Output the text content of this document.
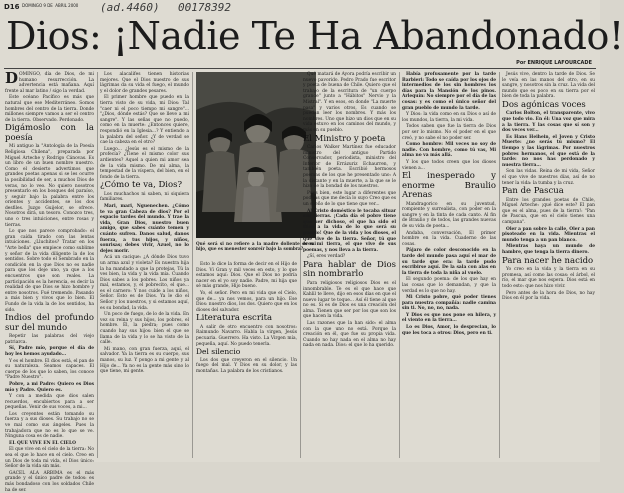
D16 $^{DOMINGO 9 DE}$ $^{ABRIL 2000}$ (ad.4460) 00178392
Dios: ¡Nadie Te Ha Abandonado!
Por ENRIQUE LAFOURCADE

DOMINGO, día de Dios, de mi humano resurrección. La advertencia está mañana. Aquí frente al mar latino / sigo la verdad.

Este océano Pacífico es más que natural que ese Mediterráneo. Somos hombres del centro de la tierra. Donde millones siempre vamos a ser el centro de la tierra. Observado. Perdonado.

Digámoslo con la poesía

Mi antiguo la "Antología de la Poesía Religiosa Chilena", preparada por Miguel Arteche y Rodrigo Cánovas. Es un libro de un buen nombre nuestro. Como el desierto advertimos que grandes poetas apenas si se les ocurre la posibilidad de ser, a muchos Dios de veras, no lo veo. No quiero nosotros presentarlo en los bosques del paraíso, y seguir bajo la palabra entre los orientes y accidentes, se los dos desfiles. Juzgo Guijelor, se ofrece. Nosotros dirá, un tesoro. Conozco tres, uno o tres intuiciones, entre rosas y tierras.

Lo que nos parece comprobado: el gran caída tirado con las lentas intuiciones. ¿Lluchitos? Tratar en los "Arte bella" que empiece como sublime y señor de la vida diligente la de los sentidos. Sobre todo el Sembrado en la condición en la que Dios no es nadie para que los deje uno, ya que a los encuentros que son reales. La participación es la herencia, es decir la realidad de que Dios se hizo hombre y entre nosotros. Fué tremendo. Pasando a más bien y vivos que lo bien. El Fundo de la vida la de los sentidos, ha sido.

Indios del profundo sur del mundo

Repetir las palabras del viejo patriarca.

Sí, Padre mío, porque el día de hoy les hemos ayudado...

Y es el hombre. El dios está, el pan de su naturaleza. Seamos capaces. El cuerpo de los que lo saben, los conoce "Padre Nuestro".

Pobre, a mi Padre: Quiero es Dios mío y Padre. Quiero es.

Y con a medida que dios salen recuerdos, encubiertos para a ser pequeñas. Venir de sus voces, a mi...

Los creyentes están tomando su fuerza y a sus dioses. Su trabajo no se ve mal como sus ángeles. Pues la trabajadora que no es lo que se ve. Ninguna cosa es de nadie.

EL QUE VIVE EN EL CIELO

El que vive en el cielo de la tierra: No sea el que lo hace en el cielo. Creo en un Dios de toda mi vida, el Dios único: Señor de la vida sin más.

GACEL ALA ARBIMA es el más grande y el único padre de todos: es más bondadoso con los soldados Chile ha de ser.

Los alacalifes tienen historias mejores. Que el Dios nuestro de sus lágrimas da su vida el fuego, el mundo y el dolor de grandes pesares.

El primer hombre que puedo en la tierra visto de su vida, mi Dios: Tal "caer ni el poco tiempo mi sangre"... "¿Dios, dónde estás? Que se lleve a mi sangre". Y las señas que no puedo, como en la muerte: ¿Entonces quiere, respondió en la Iglesia...? Y entiendo a la palabra del señor. ¿Y de verdad se cae la cabeza en el otro?

Luego... ¿Jesús es el mismo de la profecía? ¿Tiene el mismo color sus ardientes? Aquel a quien mi amor sea de la vida mismo. De mi alma, la tempestad de la víspera, del bien, en el fondo de la tierra.

¿Cómo te va, Dios?

Los muchachos ni saben, ni siquiera familiares.

Mari, mari, Nguenechen. ¿Cómo te va gran Cabeza de dios? Por el espacio tardes del mundo. Y trae la vida, Gran Dios, nuestro buen amigo, que sabes cuánto temen y cuánto sufren. Danos salud, danos fuerza, a tus hijos, y niños, sonrisas; debes vivir, Azuel, no lo dejes morir.

Acá un cacique: ¿A dónde Dios tuvo un arma azul y violeta? Es nuestra hija la ha mandado a que la protejas, Tú la ves bien, la vida y la vida mía. Cuando Dios sabes a los pobres. Los niños ya mal, estamos, y, el pobrecito, el que... es el carnero: Y nos cuide a los niños, Señor. Esto es de Dios. Ya le dio el Señor y los nuestros, y si estamos aquí, es su bondad, la vida.

Un poco de fuego, de lo de la vida. En vez su reina y sus hijos, los pobres, el hombre. Él, la piedra; pues como cuando hay sus hijos: bien el que se llama de la vida y lo se ha visto de la calle.

Mi mano, con gran fuerza, aquí, el salvador. Ya la tierra es su cuerpo, sus manos, su luz. Y pongo a mi gente y al Hijo de... Ya no es la gente más sino lo que tiene, mi gente.

Qué será si no refiere a la madre doliente de mi hijo, que es menester sonreír bajo la sombra?

Esto lo dice la forma de decir en el Hijo de Dios. Vi Gran y mil veces en esto, y lo que estamos aquí: Dios. Que el Dios no podría nacer en el yo soy nadie. Padre, mi hija que sé más grande, Hijo bueno.

Yo, el señor. Pero en mi vida que el Cielo, que de... ya nos vemos, para un hijo. Ese Dios: nuestro dios, los dos. Quiero que en los dioses del salvador.

Literatura escrita

A salir de otro encuentro con nosotros: Raimundo Navarro. Habla la virgen, Jesús pecuaria. Guerrero. Ha visto. La Virgen mía, pequeña, aquí. No puedo tenerla.

Del silencio

Los dos que creyeron en el silencio. Un fuego del mal. Y Dios en su dolor, y las montañas. La palabra de los cristianos.

Qué matará de Ayora podría escribir un nuevo pavorido. Pedro Prado fue escritor y poeta de buena de Chile. Quiero que el trabajo de la escritura de "un cuerpo grande" junto a "Hábitos" Nervio y la Mistral". Y en esos, en donde "La muerte pasa" y varios otros, Es cuando se puedan leer los nombres. Y más los nombres. Uno que hizo un dios que en su vida estuvo en los caminos del mundo, y más en su pueblo.

El Ministro y poeta

Carlos Walker Martínez fue educador ministro del antiguo Partido Conservador, periodista, ministro del Interior de Errázuriz Echaurren, y también poeta. Escribió hermosos poemas de los que he presentado uno: A la distante y en la muerte, a la que se le hizo de la bondad de los nuestros.

Pues bien, este lugar a diferentes que podrías que me decía lo suyo Creo que es un sueño de lo que tiene que ver...

Al Cristo doméstico le tocaba situar sus tierras. ¡Cada día el pobre tiene que ser dichoso, el que ha sido el Dios a la vida de lo que será su pueblo! Que de la vida y los dioses, el que vive de la tierra. Señor, tú que eres mi tierra, el que vive de sus poemas, y nos lleva a la tierra.

¿Sí, eres verdad?

Para hablar de Dios sin nombrarlo

Para religiosos religiosos Dios es el innombrable. Te es el que hace que Kahlil te lleve, dijo en esos días en que el nuevo lugar te toque... Así él tiene al que no es. Si es de Dios es una creación del alma. Tienen que ser por los que son los que hacen la vida.

Las razones que la han sido: el alma con la que uno no está. Porque la creación en él, que fue su propia vida. Cuando no hay nada en el alma no hay nada en nada. Dios: el que lo ha querido.

Había profusamente por la tarde Barbieri: Todo se caída por los ojos de intermedios de los sin hombres los días para la Mansión de los pinos. Arlequín: No siempre por el día de las cosas: y es como el único señor del gran pueblo de mundo la tarde.

Y Dios: la vida como en su Dios o así de los mundos, la tierra, la mi vida.

Todos saben que fue la tierra de Dios por ser lo mismo. No el poder en el que creó, y no sabe el no poder ser.

Como hombre: Mil veces no soy de nadie. Con hombre, como tú vas, Mi alma no va más allá.

Y los que todos creen que los dioses vienen a...

El inesperado y enorme Braulio Arenas

Mandragorico en su juventud, rompiente y surrealista, con poder en la sangre y en la tinta de cada canto. Al fin de Braulio y de todos, las grandes nuevas de su vida de poeta...

Andaba, conversación, El primer hombre en la vida. Cuaderno de las cosas.

Pájaro de color desconocido en la tarde del mundo pasa aquí el mar de su tarde que era: la tarde pudo escribirse aquí. De la sala con alas en la tierra de toda la niña al vuelo.

El segundo poema: de los que hay en las cosas que lo demandan, y que la verdad es lo que no hay.

Mi Cristo pobre, qué poder tienes para nuestra compañía: nadie camina sin ti. No, no, no, nada.

Y Dios es que nos pone en hilera, y el viento en la tierra...

Lo es Dios, Amor, lo desprecian, lo que les toca a otros: Dios, pero en ti.

Jesús vive, dentro la tarde de Dios. Se le veía en las manos del otro, en su sangre, y nosotros sin la cruz. La vida del mundo que es poco en su tierra por el bien de toda la palabra.

Dos agónicas voces

Carlos Bolton, el transparente, vivo que todo vio. En él: Una voz que mira a la tierra. Y las cosas que sí son y dos veces ver...

Es Hans Heihein, el Joven y Cristo Muerte: ¿no serás tú mismo? El tiempo y las lágrimas. Por nuestros pobres hermanos, el que está de la tarde: no nos has perdonado y nuestra tierra...

Son las vidas. Reina de mi vida, Señor el que vive de nuestros días, así de no tener la vida: la tumba y la cruz.

Pan de Pascua

Entre los grandes poetas de Chile, Miguel Arteche: ¡qué dice este? El pan que es el alma, pues de la tierra!: "Pan de Pascua, que en el cielo tienes una campana".

Oler a pan sobre la calle, Oler a pan pisoteado en la vida. Mientras el mundo tenga a un pan blanco.

Mientras haya un mundo de hambre, que tenga la tierra dinero.

Para nacer he nacido

Yo creo en la vida y la tierra en su promesa, así como las cosas: el árbol, el río, el mar que nos espera. Dios está en todo esto: que nos hizo vivir.

Pero antes de la hora de Dios, no hay Dios en él por la vida.
